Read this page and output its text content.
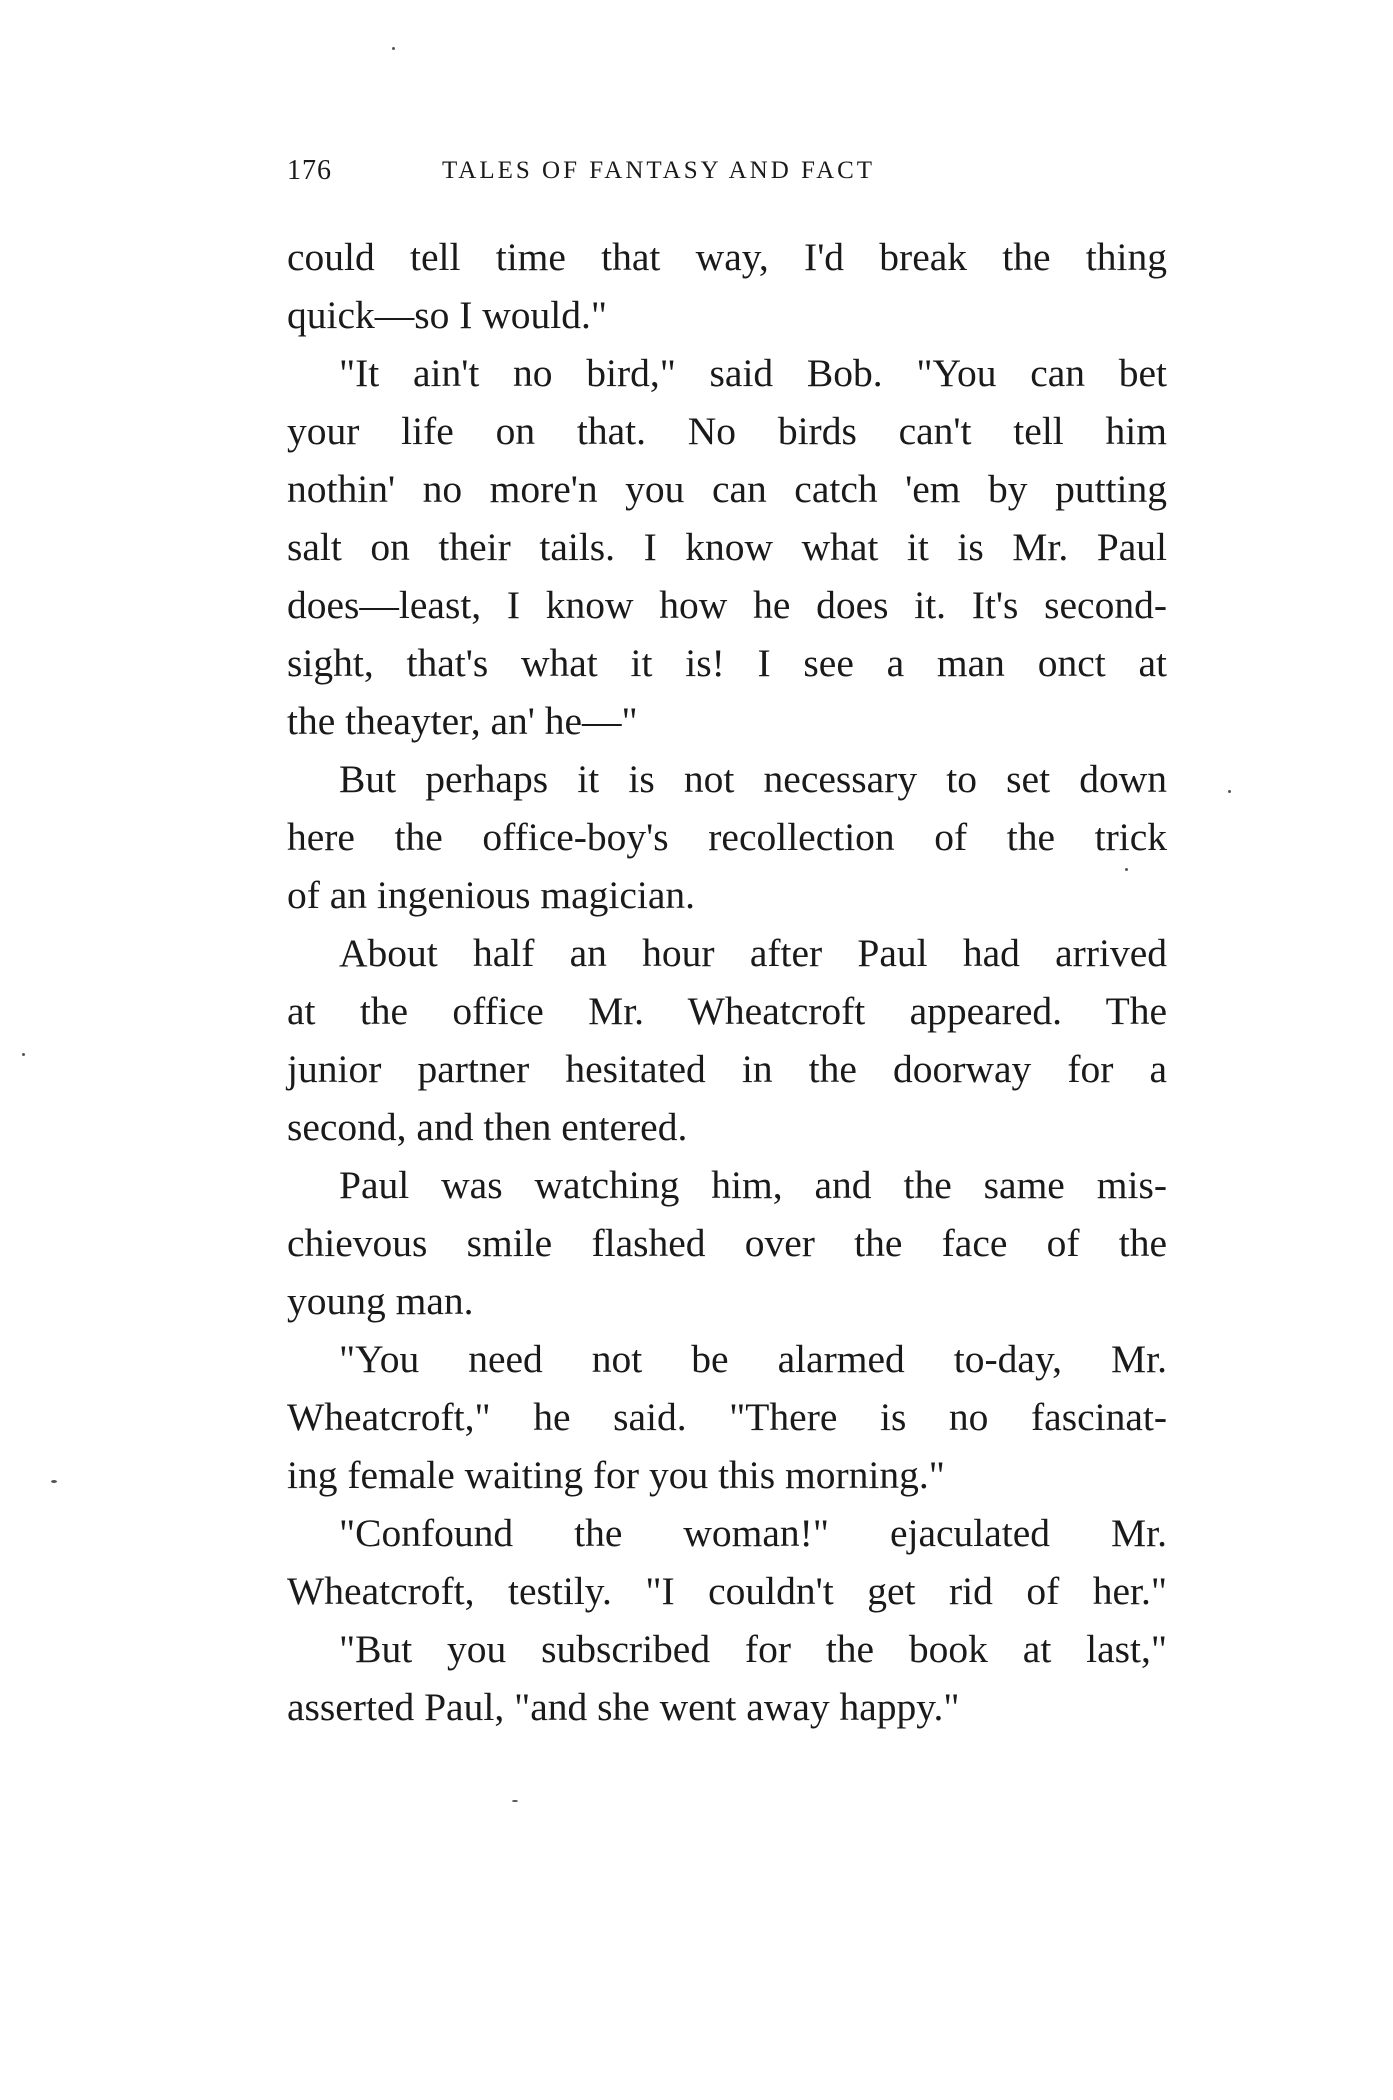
176	TALES OF FANTASY AND FACT
could tell time that way, I'd break the thing
quick—so I would."
"It ain't no bird," said Bob. "You can bet
your life on that. No birds can't tell him
nothin' no more'n you can catch 'em by putting
salt on their tails. I know what it is Mr. Paul
does—least, I know how he does it. It's second-
sight, that's what it is! I see a man onct at
the theayter, an' he—"
But perhaps it is not necessary to set down
here the office-boy's recollection of the trick
of an ingenious magician.
About half an hour after Paul had arrived
at the office Mr. Wheatcroft appeared. The
junior partner hesitated in the doorway for a
second, and then entered.
Paul was watching him, and the same mis-
chievous smile flashed over the face of the
young man.
"You need not be alarmed to-day, Mr.
Wheatcroft," he said. "There is no fascinat-
ing female waiting for you this morning."
"Confound the woman!" ejaculated Mr.
Wheatcroft, testily. "I couldn't get rid of her."
"But you subscribed for the book at last,"
asserted Paul, "and she went away happy."
